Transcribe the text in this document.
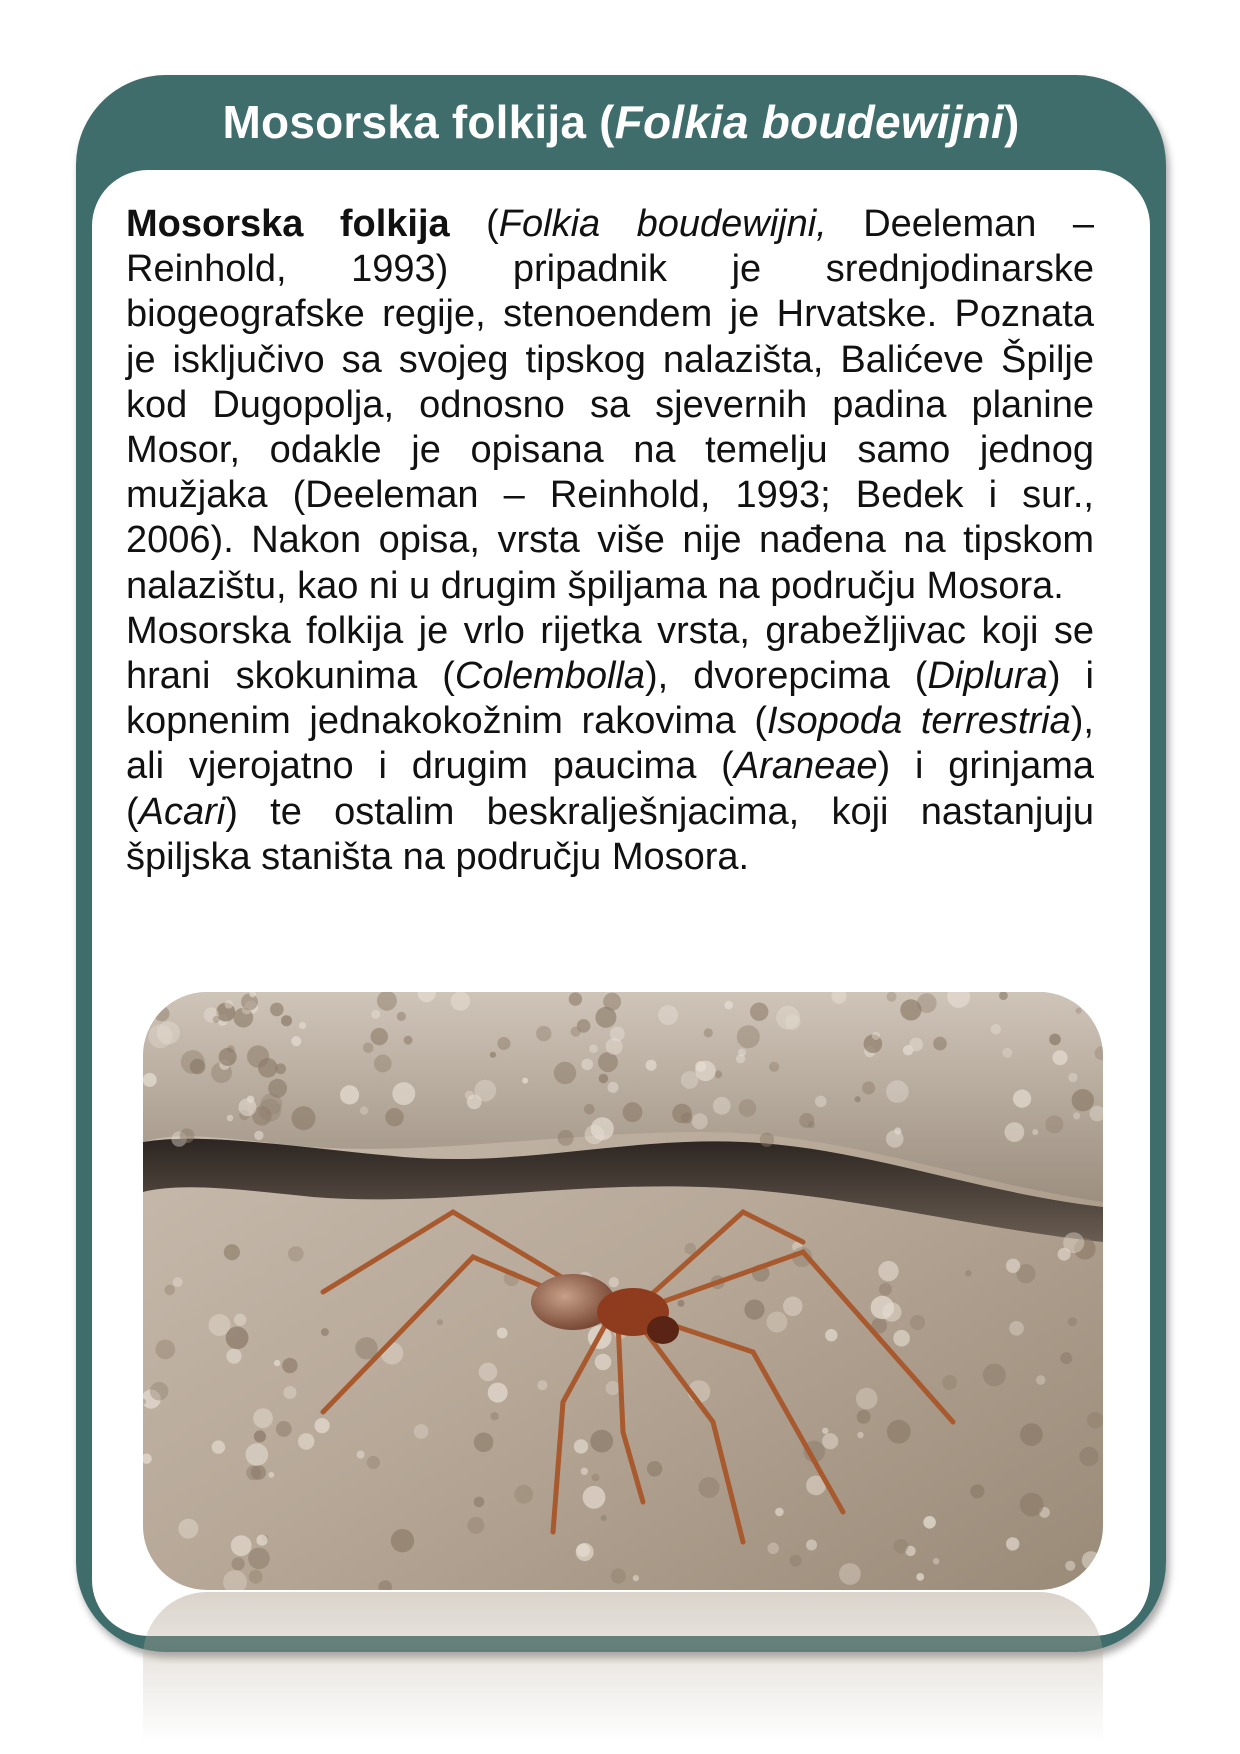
Mosorska folkija ( Folkia boudewijni )

Mosorska folkija (Folkia boudewijni, Deeleman – Reinhold, 1993) pripadnik je srednjodinarske biogeografske regije, stenoendem je Hrvatske. Poznata je isključivo sa svojeg tipskog nalazišta, Balićeve Špilje kod Dugopolja, odnosno sa sjevernih padina planine Mosor, odakle je opisana na temelju samo jednog mužjaka (Deeleman – Reinhold, 1993; Bedek i sur., 2006). Nakon opisa, vrsta više nije nađena na tipskom nalazištu, kao ni u drugim špiljama na području Mosora.

Mosorska folkija je vrlo rijetka vrsta, grabežljivac koji se hrani skokunima (Colembolla), dvorepcima (Diplura) i kopnenim jednakokožnim rakovima (Isopoda terrestria), ali vjerojatno i drugim paucima (Araneae) i grinjama (Acari) te ostalim beskralješnjacima, koji nastanjuju špiljska staništa na području Mosora.
